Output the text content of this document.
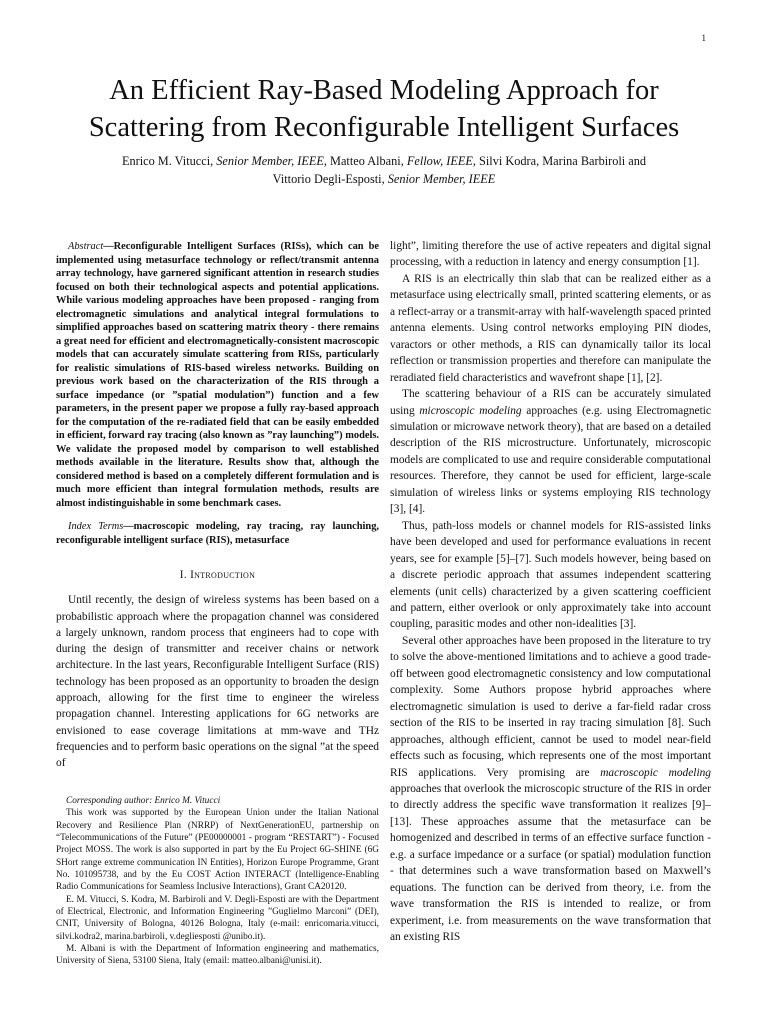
1
An Efficient Ray-Based Modeling Approach for
Scattering from Reconfigurable Intelligent Surfaces
Enrico M. Vitucci, Senior Member, IEEE, Matteo Albani, Fellow, IEEE, Silvi Kodra, Marina Barbiroli and
Vittorio Degli-Esposti, Senior Member, IEEE

Abstract—Reconfigurable Intelligent Surfaces (RISs), which can be implemented using metasurface technology or reflect/transmit antenna array technology, have garnered significant attention in research studies focused on both their technological aspects and potential applications. While various modeling approaches have been proposed - ranging from electromagnetic simulations and analytical integral formulations to simplified approaches based on scattering matrix theory - there remains a great need for efficient and electromagnetically-consistent macroscopic models that can accurately simulate scattering from RISs, particularly for realistic simulations of RIS-based wireless networks. Building on previous work based on the characterization of the RIS through a surface impedance (or ”spatial modulation”) function and a few parameters, in the present paper we propose a fully ray-based approach for the computation of the re-radiated field that can be easily embedded in efficient, forward ray tracing (also known as ”ray launching”) models. We validate the proposed model by comparison to well established methods available in the literature. Results show that, although the considered method is based on a completely different formulation and is much more efficient than integral formulation methods, results are almost indistinguishable in some benchmark cases.

Index Terms—macroscopic modeling, ray tracing, ray launching, reconfigurable intelligent surface (RIS), metasurface

I. Introduction

Until recently, the design of wireless systems has been based on a probabilistic approach where the propagation channel was considered a largely unknown, random process that engineers had to cope with during the design of transmitter and receiver chains or network architecture. In the last years, Reconfigurable Intelligent Surface (RIS) technology has been proposed as an opportunity to broaden the design approach, allowing for the first time to engineer the wireless propagation channel. Interesting applications for 6G networks are envisioned to ease coverage limitations at mm-wave and THz frequencies and to perform basic operations on the signal ”at the speed of

Corresponding author: Enrico M. Vitucci

This work was supported by the European Union under the Italian National Recovery and Resilience Plan (NRRP) of NextGenerationEU, partnership on “Telecommunications of the Future” (PE00000001 - program “RESTART”) - Focused Project MOSS. The work is also supported in part by the Eu Project 6G-SHINE (6G SHort range extreme communication IN Entities), Horizon Europe Programme, Grant No. 101095738, and by the Eu COST Action INTERACT (Intelligence-Enabling Radio Communications for Seamless Inclusive Interactions), Grant CA20120.

E. M. Vitucci, S. Kodra, M. Barbiroli and V. Degli-Esposti are with the Department of Electrical, Electronic, and Information Engineering ”Guglielmo Marconi” (DEI), CNIT, University of Bologna, 40126 Bologna, Italy (e-mail: enricomaria.vitucci, silvi.kodra2, marina.barbiroli, v.degliesposti @unibo.it).

M. Albani is with the Department of Information engineering and mathematics, University of Siena, 53100 Siena, Italy (email: matteo.albani@unisi.it).

light”, limiting therefore the use of active repeaters and digital signal processing, with a reduction in latency and energy consumption [1].

A RIS is an electrically thin slab that can be realized either as a metasurface using electrically small, printed scattering elements, or as a reflect-array or a transmit-array with half-wavelength spaced printed antenna elements. Using control networks employing PIN diodes, varactors or other methods, a RIS can dynamically tailor its local reflection or transmission properties and therefore can manipulate the reradiated field characteristics and wavefront shape [1], [2].

The scattering behaviour of a RIS can be accurately simulated using microscopic modeling approaches (e.g. using Electromagnetic simulation or microwave network theory), that are based on a detailed description of the RIS microstructure. Unfortunately, microscopic models are complicated to use and require considerable computational resources. Therefore, they cannot be used for efficient, large-scale simulation of wireless links or systems employing RIS technology [3], [4].

Thus, path-loss models or channel models for RIS-assisted links have been developed and used for performance evaluations in recent years, see for example [5]–[7]. Such models however, being based on a discrete periodic approach that assumes independent scattering elements (unit cells) characterized by a given scattering coefficient and pattern, either overlook or only approximately take into account coupling, parasitic modes and other non-idealities [3].

Several other approaches have been proposed in the literature to try to solve the above-mentioned limitations and to achieve a good trade-off between good electromagnetic consistency and low computational complexity. Some Authors propose hybrid approaches where electromagnetic simulation is used to derive a far-field radar cross section of the RIS to be inserted in ray tracing simulation [8]. Such approaches, although efficient, cannot be used to model near-field effects such as focusing, which represents one of the most important RIS applications. Very promising are macroscopic modeling approaches that overlook the microscopic structure of the RIS in order to directly address the specific wave transformation it realizes [9]–[13]. These approaches assume that the metasurface can be homogenized and described in terms of an effective surface function - e.g. a surface impedance or a surface (or spatial) modulation function - that determines such a wave transformation based on Maxwell’s equations. The function can be derived from theory, i.e. from the wave transformation the RIS is intended to realize, or from experiment, i.e. from measurements on the wave transformation that an existing RIS
